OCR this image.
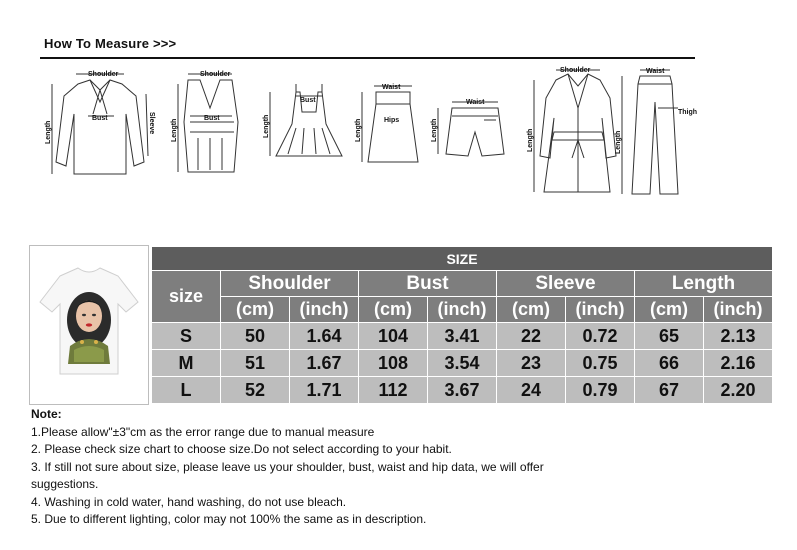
How To Measure >>>
Shoulder
Bust	Sleeve
Length
Shoulder
Bust
Length
Bust
Length
Waist
Hips
Length
Waist
Length
Shoulder
Length
Waist
Thigh
Length
SIZE								
size	Shoulder		Bust		Sleeve		Length	
	(cm)	(inch)	(cm)	(inch)	(cm)	(inch)	(cm)	(inch)
S	50	1.64	104	3.41	22	0.72	65	2.13
M	51	1.67	108	3.54	23	0.75	66	2.16
L	52	1.71	112	3.67	24	0.79	67	2.20
Note:
1.Please allow"±3"cm as the error range due to manual measure
2. Please check size chart to choose size.Do not select according to your habit.
3. If still not sure about size, please leave us your shoulder, bust, waist and hip data, we will offer
suggestions.
4. Washing in cold water, hand washing, do not use bleach.
5. Due to different lighting, color may not 100% the same as in description.
